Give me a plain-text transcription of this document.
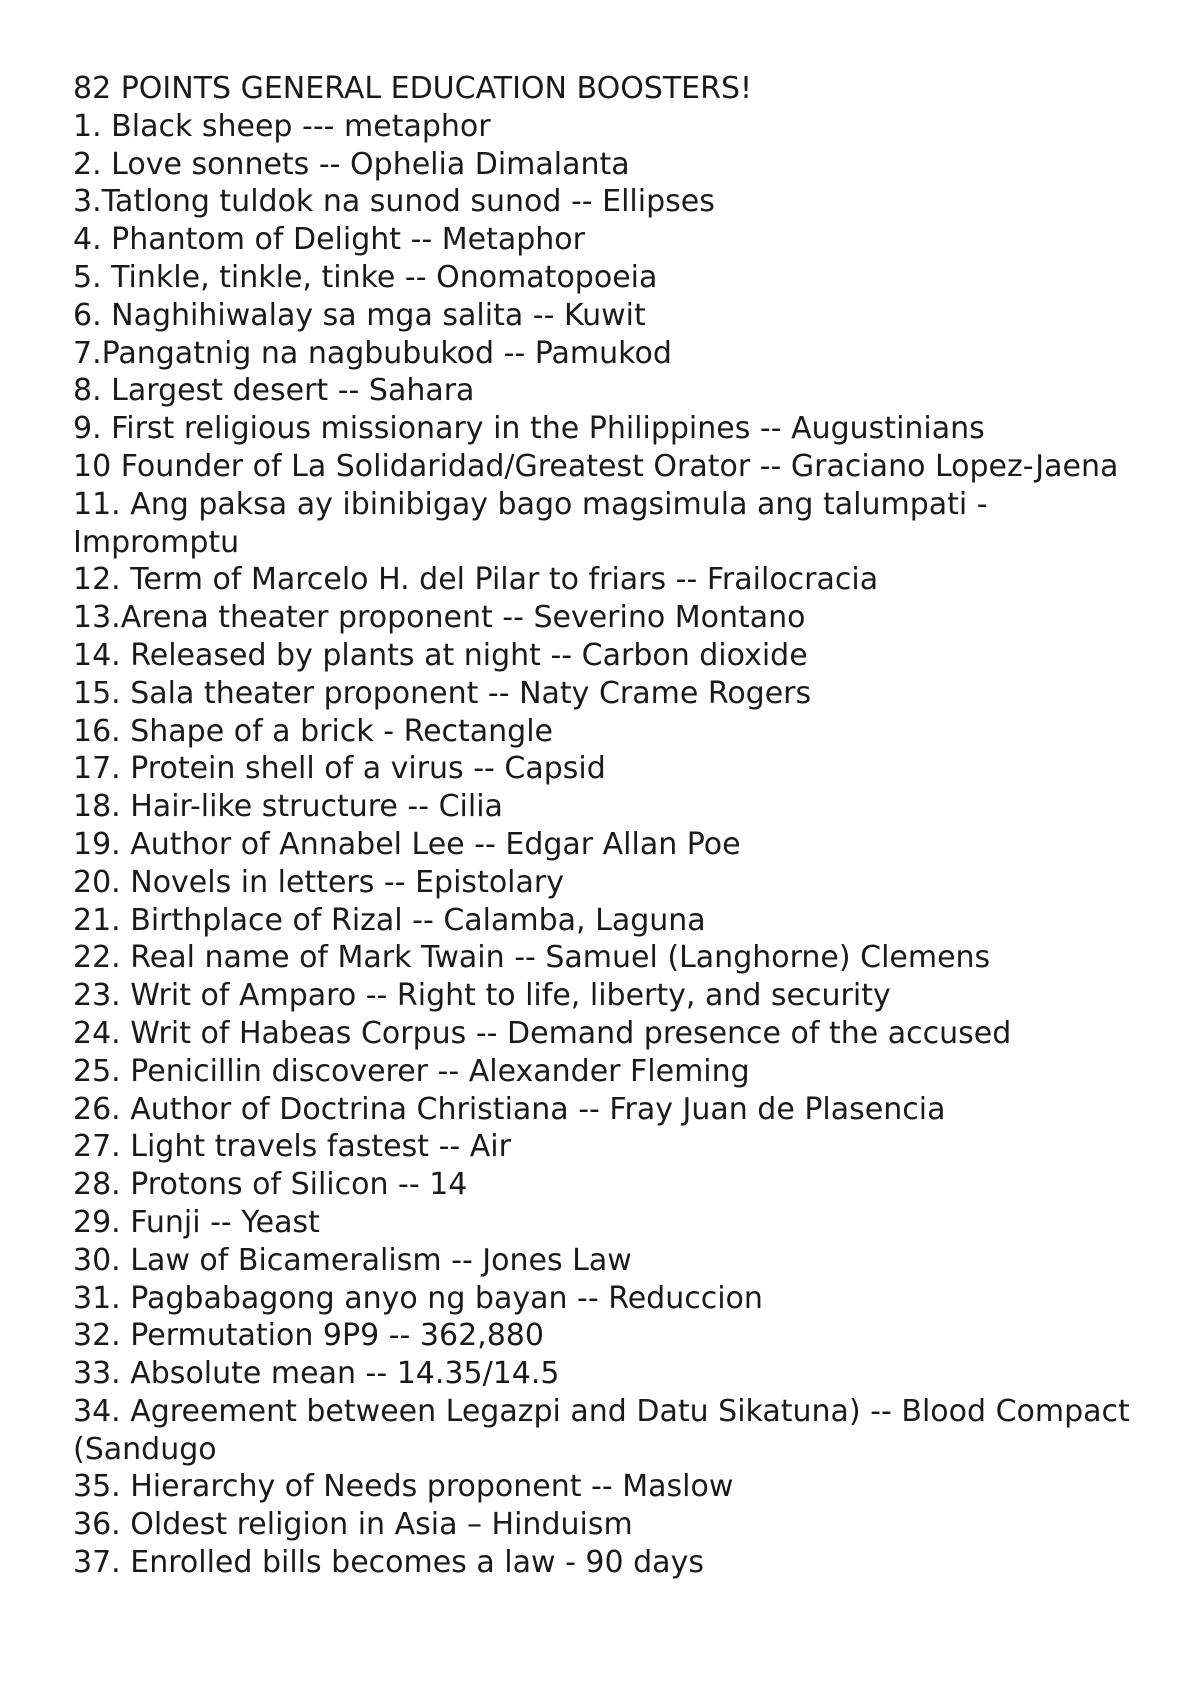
82 POINTS GENERAL EDUCATION BOOSTERS!

1. Black sheep --- metaphor

2. Love sonnets -- Ophelia Dimalanta

3.Tatlong tuldok na sunod sunod -- Ellipses

4. Phantom of Delight -- Metaphor

5. Tinkle, tinkle, tinke -- Onomatopoeia

6. Naghihiwalay sa mga salita -- Kuwit

7.Pangatnig na nagbubukod -- Pamukod

8. Largest desert -- Sahara

9. First religious missionary in the Philippines -- Augustinians

10 Founder of La Solidaridad/Greatest Orator -- Graciano Lopez-Jaena

11. Ang paksa ay ibinibigay bago magsimula ang talumpati - Impromptu

12. Term of Marcelo H. del Pilar to friars -- Frailocracia

13.Arena theater proponent -- Severino Montano

14. Released by plants at night -- Carbon dioxide

15. Sala theater proponent -- Naty Crame Rogers

16. Shape of a brick - Rectangle

17. Protein shell of a virus -- Capsid

18. Hair-like structure -- Cilia

19. Author of Annabel Lee -- Edgar Allan Poe

20. Novels in letters -- Epistolary

21. Birthplace of Rizal -- Calamba, Laguna

22. Real name of Mark Twain -- Samuel (Langhorne) Clemens

23. Writ of Amparo -- Right to life, liberty, and security

24. Writ of Habeas Corpus -- Demand presence of the accused

25. Penicillin discoverer -- Alexander Fleming

26. Author of Doctrina Christiana -- Fray Juan de Plasencia

27. Light travels fastest -- Air

28. Protons of Silicon -- 14

29. Funji -- Yeast

30. Law of Bicameralism -- Jones Law

31. Pagbabagong anyo ng bayan -- Reduccion

32. Permutation 9P9 -- 362,880

33. Absolute mean -- 14.35/14.5

34. Agreement between Legazpi and Datu Sikatuna) -- Blood Compact (Sandugo

35. Hierarchy of Needs proponent -- Maslow

36. Oldest religion in Asia – Hinduism

37. Enrolled bills becomes a law - 90 days
